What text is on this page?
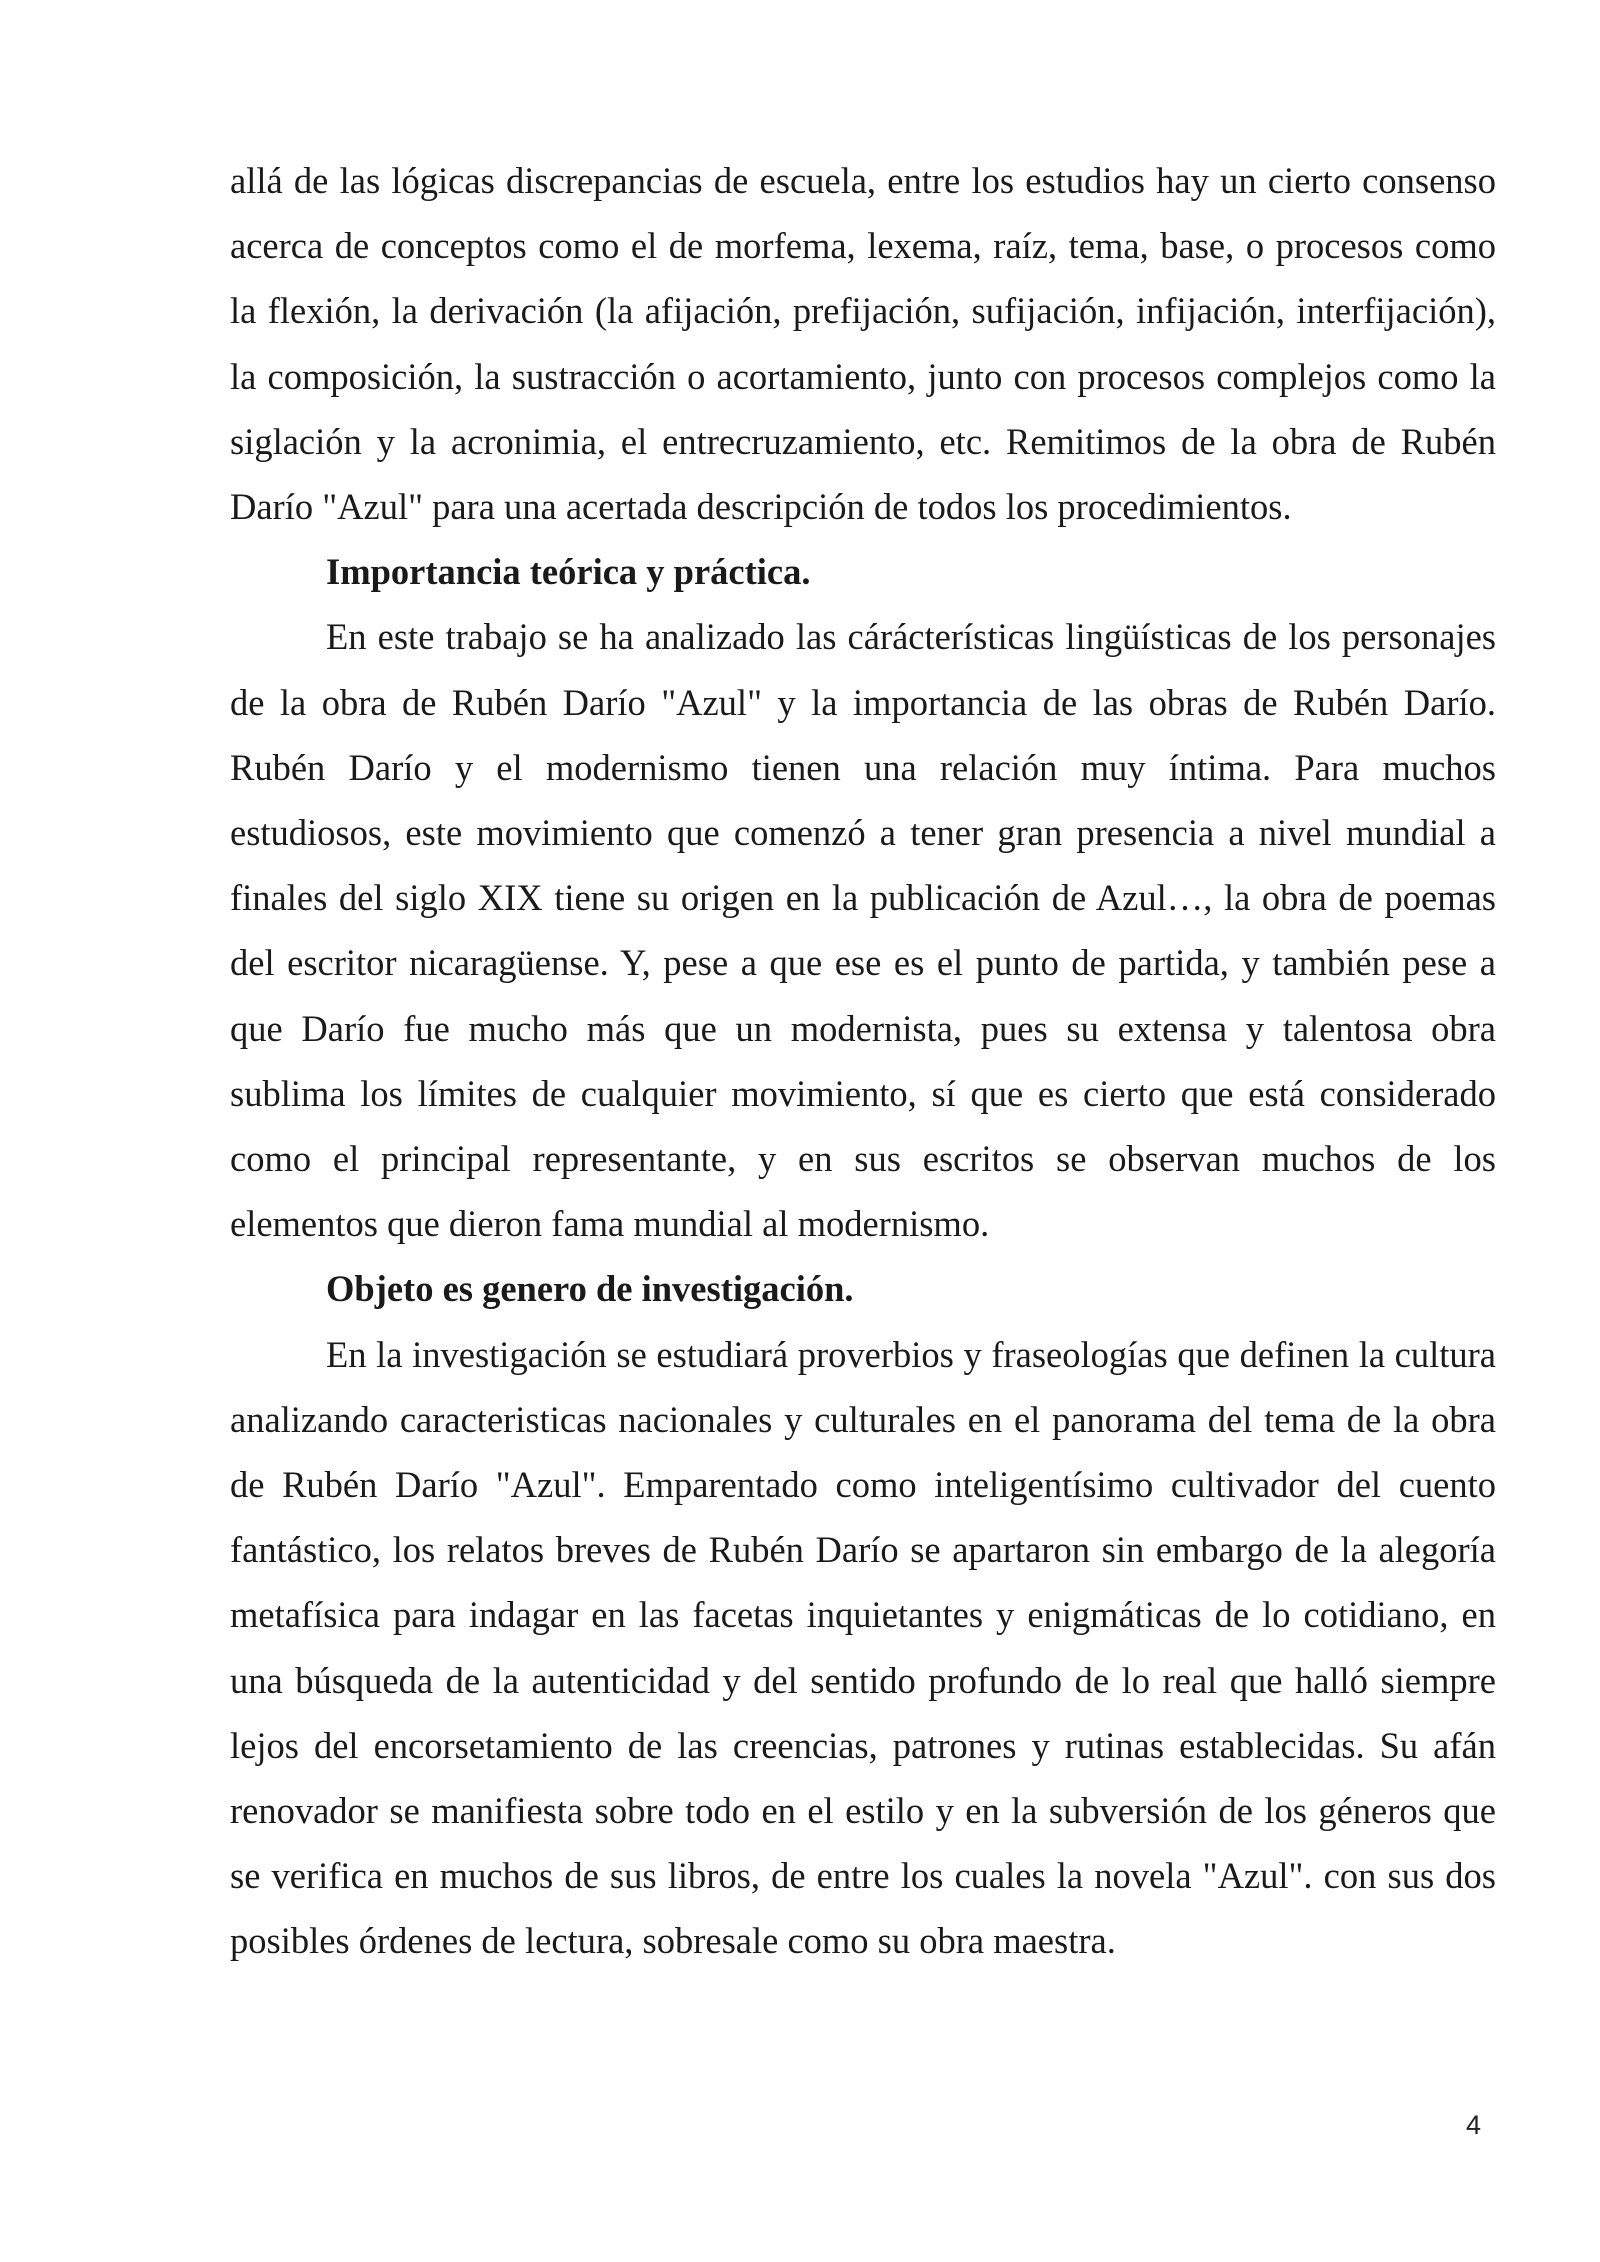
allá de las lógicas discrepancias de escuela, entre los estudios hay un cierto consenso acerca de conceptos como el de morfema, lexema, raíz, tema, base, o procesos como la flexión, la derivación (la afijación, prefijación, sufijación, infijación, interfijación), la composición, la sustracción o acortamiento, junto con procesos complejos como la siglación y la acronimia, el entrecruzamiento, etc. Remitimos de la obra de Rubén Darío "Azul" para una acertada descripción de todos los procedimientos.

Importancia teórica y práctica.

En este trabajo se ha analizado las cárácterísticas lingüísticas de los personajes de la obra de Rubén Darío "Azul" y la importancia de las obras de Rubén Darío. Rubén Darío y el modernismo tienen una relación muy íntima. Para muchos estudiosos, este movimiento que comenzó a tener gran presencia a nivel mundial a finales del siglo XIX tiene su origen en la publicación de Azul…, la obra de poemas del escritor nicaragüense. Y, pese a que ese es el punto de partida, y también pese a que Darío fue mucho más que un modernista, pues su extensa y talentosa obra sublima los límites de cualquier movimiento, sí que es cierto que está considerado como el principal representante, y en sus escritos se observan muchos de los elementos que dieron fama mundial al modernismo.

Objeto es genero de investigación.

En la investigación se estudiará proverbios y fraseologías que definen la cultura analizando caracteristicas nacionales y culturales en el panorama del tema de la obra de Rubén Darío "Azul". Emparentado como inteligentísimo cultivador del cuento fantástico, los relatos breves de Rubén Darío se apartaron sin embargo de la alegoría metafísica para indagar en las facetas inquietantes y enigmáticas de lo cotidiano, en una búsqueda de la autenticidad y del sentido profundo de lo real que halló siempre lejos del encorsetamiento de las creencias, patrones y rutinas establecidas. Su afán renovador se manifiesta sobre todo en el estilo y en la subversión de los géneros que se verifica en muchos de sus libros, de entre los cuales la novela "Azul". con sus dos posibles órdenes de lectura, sobresale como su obra maestra.

4
